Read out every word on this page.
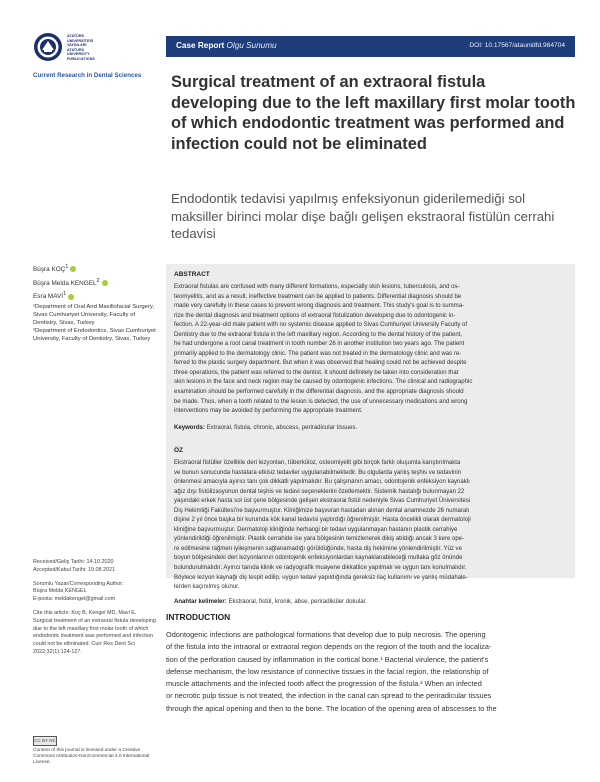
ATATÜRK
ÜNİVERSİTESİ
YAYINLARI
ATATURK
UNIVERSITY
PUBLICATIONS
Current Research in Dental Sciences
Case Report Olgu Sunumu	DOI: 10.17567/ataunidfd.984704
Surgical treatment of an extraoral fistula developing due to the left maxillary first molar tooth of which endodontic treatment was performed and infection could not be eliminated
Endodontik tedavisi yapılmış enfeksiyonun giderilemediği sol maksiller birinci molar dişe bağlı gelişen ekstraoral fistülün cerrahi tedavisi
Büşra KOÇ$^1$
Büşra Melda KENGEL$^2$
Esra MAVİ$^1$
¹Department of Oral And Maxillofacial Surgery, Sivas Cumhuriyet University, Faculty of Dentistry, Sivas, Turkey
²Department of Endodontics, Sivas Cumhuriyet University, Faculty of Dentistry, Sivas, Turkey

Received/Geliş Tarihi: 14.10.2020
Accepted/Kabul Tarihi: 19.08.2021

Sorumlu Yazar/Corresponding Author:
Büşra Melda KENGEL
E-posta: meldakengel@gmail.com

Cite this article: Koç B, Kengel MD, Mavi E. Surgical treatment of an extraoral fistula developing due to the left maxillary first molar tooth of which endodontic treatment was performed and infection could not be eliminated. Curr Res Dent Sci 2022;32(1):124-127.

CC BY NC
Content of this journal is licensed under a Creative Commons Attribution-NonCommercial 4.0 International License.
ABSTRACT
Extraoral fistulas are confused with many different formations, especially skin lesions, tuberculosis, and os-
teomyelitis, and as a result, ineffective treatment can be applied to patients. Differential diagnosis should be
made very carefully in these cases to prevent wrong diagnosis and treatment. This study's goal is to summa-
rize the dental diagnosis and treatment options of extraoral fistulization developing due to odontogenic in-
fection. A 22-year-old male patient with no systemic disease applied to Sivas Cumhuriyet University Faculty of
Dentistry due to the extraoral fistula in the left maxillary region. According to the dental history of the patient,
he had undergone a root canal treatment in tooth number 26 in another institution two years ago. The patient
primarily applied to the dermatology clinic. The patient was not treated in the dermatology clinic and was re-
ferred to the plastic surgery department. But when it was observed that healing could not be achieved despite
three operations, the patient was referred to the dentist. It should definitely be taken into consideration that
skin lesions in the face and neck region may be caused by odontogenic infections. The clinical and radiographic
examination should be performed carefully in the differential diagnosis, and the appropriate diagnosis should
be made. Thus, when a tooth related to the lesion is detected, the use of unnecessary medications and wrong
interventions may be avoided by performing the appropriate treatment.
Keywords: Extraoral, fistula, chronic, abscess, periradicular tissues.
ÖZ
Ekstraoral fistüller özellikle deri lezyonları, tüberküloz, osteomiyelit gibi birçok farklı oluşumla karıştırılmakta
ve bunun sonucunda hastalara etkisiz tedaviler uygulanabilmektedir. Bu olgularda yanlış teşhis ve tedavinin
önlenmesi amacıyla ayırıcı tanı çok dikkatli yapılmalıdır. Bu çalışmanın amacı, odontojenik enfeksiyon kaynaklı
ağız dışı fistülizasyonun dental teşhis ve tedavi seçeneklerini özetlemektir. Sistemik hastalığı bulunmayan 22
yaşındaki erkek hasta sol üst çene bölgesinde gelişen ekstraoral fistül nedeniyle Sivas Cumhuriyet Üniversitesi
Diş Hekimliği Fakültesi'ne başvurmuştur. Kliniğimize başvuran hastadan alınan dental anamnezde 26 numaralı
dişine 2 yıl önce başka bir kurumda kök kanal tedavisi yaptırdığı öğrenilmiştir. Hasta öncelikli olarak dermatoloji
kliniğine başvurmuştur. Dermatoloji kliniğinde herhangi bir tedavi uygulanmayan hastanın plastik cerrahiye
yönlendirildiği öğrenilmiştir. Plastik cerrahide ise yara bölgesinin temizlenerek dikiş atıldığı ancak 3 kere ope-
re edilmesine rağmen iyileşmenin sağlanamadığı görüldüğünde, hasta diş hekimine yönlendirilmiştir. Yüz ve
boyun bölgesindeki deri lezyonlarının odontojenik enfeksiyonlardan kaynaklanabileceği mutlaka göz önünde
bulundurulmalıdır. Ayırıcı tanıda klinik ve radyografik muayene dikkatlice yapılmalı ve uygun tanı konulmalıdır.
Böylece lezyon kaynağı diş tespit edilip, uygun tedavi yapıldığında gereksiz ilaç kullanımı ve yanlış müdahale-
lerden kaçınılmış olunur.
Anahtar kelimeler: Ekstraoral, fistül, kronik, abse, periradiküler dokular.
INTRODUCTION
Odontogenic infections are pathological formations that develop due to pulp necrosis. The opening
of the fistula into the intraoral or extraoral region depends on the region of the tooth and the localiza-
tion of the perforation caused by inflammation in the cortical bone.¹ Bacterial virulence, the patient's
defense mechanism, the low resistance of connective tissues in the facial region, the relationship of
muscle attachments and the infected tooth affect the progression of the fistula.² When an infected
or necrotic pulp tissue is not treated, the infection in the canal can spread to the periradicular tissues
through the apical opening and then to the bone. The location of the opening area of abscesses to the
